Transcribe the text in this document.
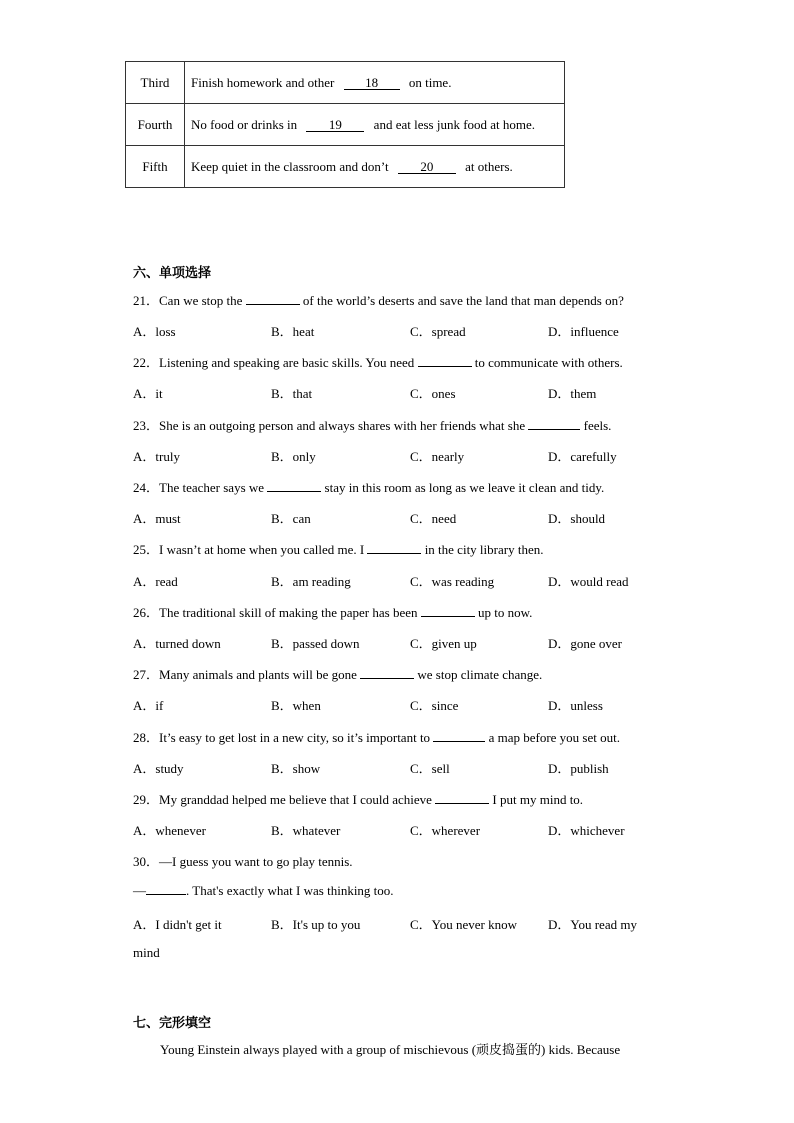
Third	Finish homework and other 18 on time.
Fourth	No food or drinks in 19 and eat less junk food at home.
Fifth	Keep quiet in the classroom and don’t 20 at others.
六、单项选择
21．Can we stop the	of the world’s deserts and save the land that man depends on?
A．loss	B．heat	C．spread	D．influence
22．Listening and speaking are basic skills. You need	to communicate with others.
A．it	B．that	C．ones	D．them
23．She is an outgoing person and always shares with her friends what she	feels.
A．truly	B．only	C．nearly	D．carefully
24．The teacher says we	stay in this room as long as we leave it clean and tidy.
A．must	B．can	C．need	D．should
25．I wasn’t at home when you called me. I	in the city library then.
A．read	B．am reading	C．was reading	D．would read
26．The traditional skill of making the paper has been	up to now.
A．turned down	B．passed down	C．given up	D．gone over
27．Many animals and plants will be gone	we stop climate change.
A．if	B．when	C．since	D．unless
28．It’s easy to get lost in a new city, so it’s important to	a map before you set out.
A．study	B．show	C．sell	D．publish
29．My granddad helped me believe that I could achieve	I put my mind to.
A．whenever	B．whatever	C．wherever	D．whichever
30．—I guess you want to go play tennis.
—	. That's exactly what I was thinking too.
A．I didn't get it	B．It's up to you	C．You never know D．You read my
mind
七、完形填空
Young Einstein always played with a group of mischievous (顽皮捣蛋的) kids. Because
